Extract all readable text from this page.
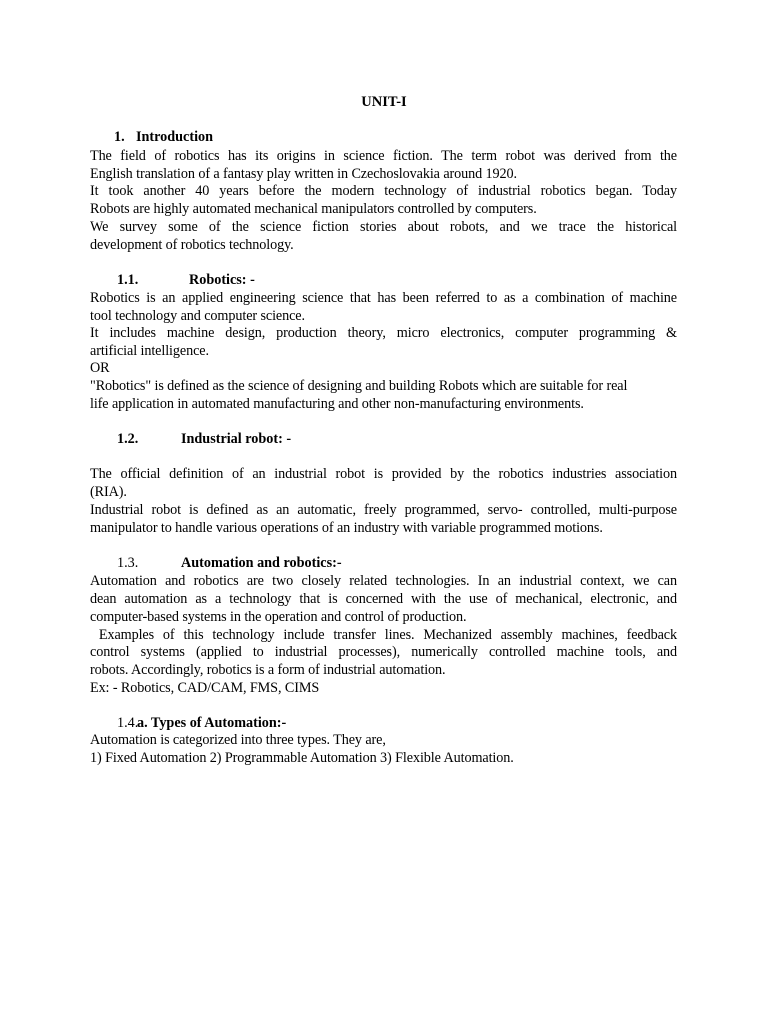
UNIT-I
1. Introduction
The field of robotics has its origins in science fiction. The term robot was derived from the
English translation of a fantasy play written in Czechoslovakia around 1920.
It took another 40 years before the modern technology of industrial robotics began. Today
Robots are highly automated mechanical manipulators controlled by computers.
We survey some of the science fiction stories about robots, and we trace the historical
development of robotics technology.
1.1.	Robotics: -
Robotics is an applied engineering science that has been referred to as a combination of machine
tool technology and computer science.
It includes machine design, production theory, micro electronics, computer programming &
artificial intelligence.
OR
"Robotics" is defined as the science of designing and building Robots which are suitable for real
life application in automated manufacturing and other non-manufacturing environments.
1.2.	Industrial robot: -
The official definition of an industrial robot is provided by the robotics industries association
(RIA).
Industrial robot is defined as an automatic, freely programmed, servo- controlled, multi-purpose
manipulator to handle various operations of an industry with variable programmed motions.
1.3.	Automation and robotics:-
Automation and robotics are two closely related technologies. In an industrial context, we can
dean automation as a technology that is concerned with the use of mechanical, electronic, and
computer-based systems in the operation and control of production.
Examples of this technology include transfer lines. Mechanized assembly machines, feedback
control systems (applied to industrial processes), numerically controlled machine tools, and
robots. Accordingly, robotics is a form of industrial automation.
Ex: - Robotics, CAD/CAM, FMS, CIMS
1.4.
a. Types of Automation:-
Automation is categorized into three types. They are,
1) Fixed Automation 2) Programmable Automation 3) Flexible Automation.
